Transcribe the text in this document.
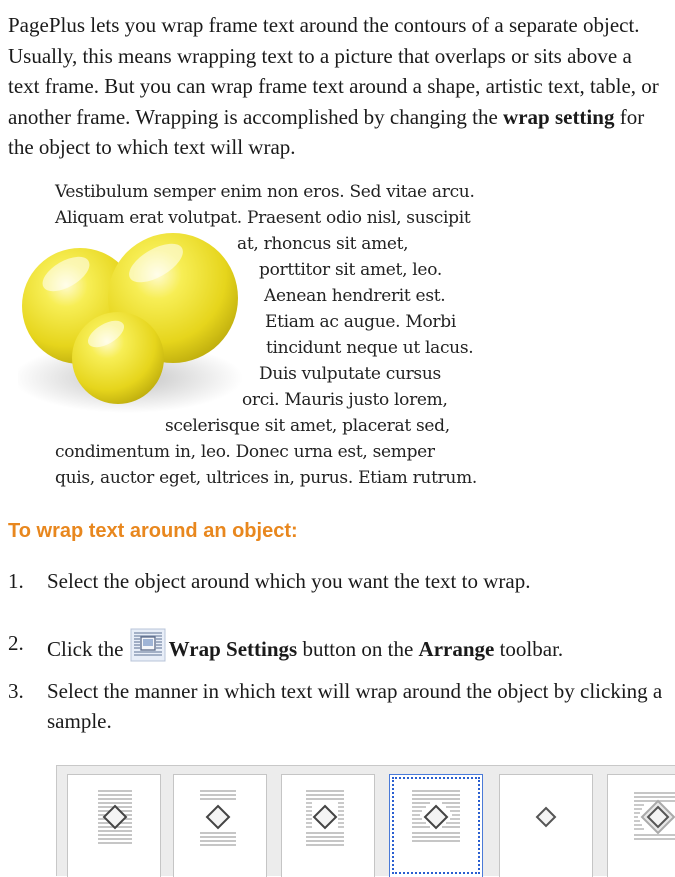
PagePlus lets you wrap frame text around the contours of a separate object. Usually, this means wrapping text to a picture that overlaps or sits above a text frame. But you can wrap frame text around a shape, artistic text, table, or another frame. Wrapping is accomplished by changing the wrap setting for the object to which text will wrap.

Vestibulum semper enim non eros. Sed vitae arcu.
Aliquam erat volutpat. Praesent odio nisl, suscipit
at, rhoncus sit amet,
porttitor sit amet, leo.
Aenean hendrerit est.
Etiam ac augue. Morbi
tincidunt neque ut lacus.
Duis vulputate cursus
orci. Mauris justo lorem,
scelerisque sit amet, placerat sed,
condimentum in, leo. Donec urna est, semper
quis, auctor eget, ultrices in, purus. Etiam rutrum.
To wrap text around an object:
1. Select the object around which you want the text to wrap.
2. Click the Wrap Settings button on the Arrange toolbar.
3. Select the manner in which text will wrap around the object by clicking a sample.
